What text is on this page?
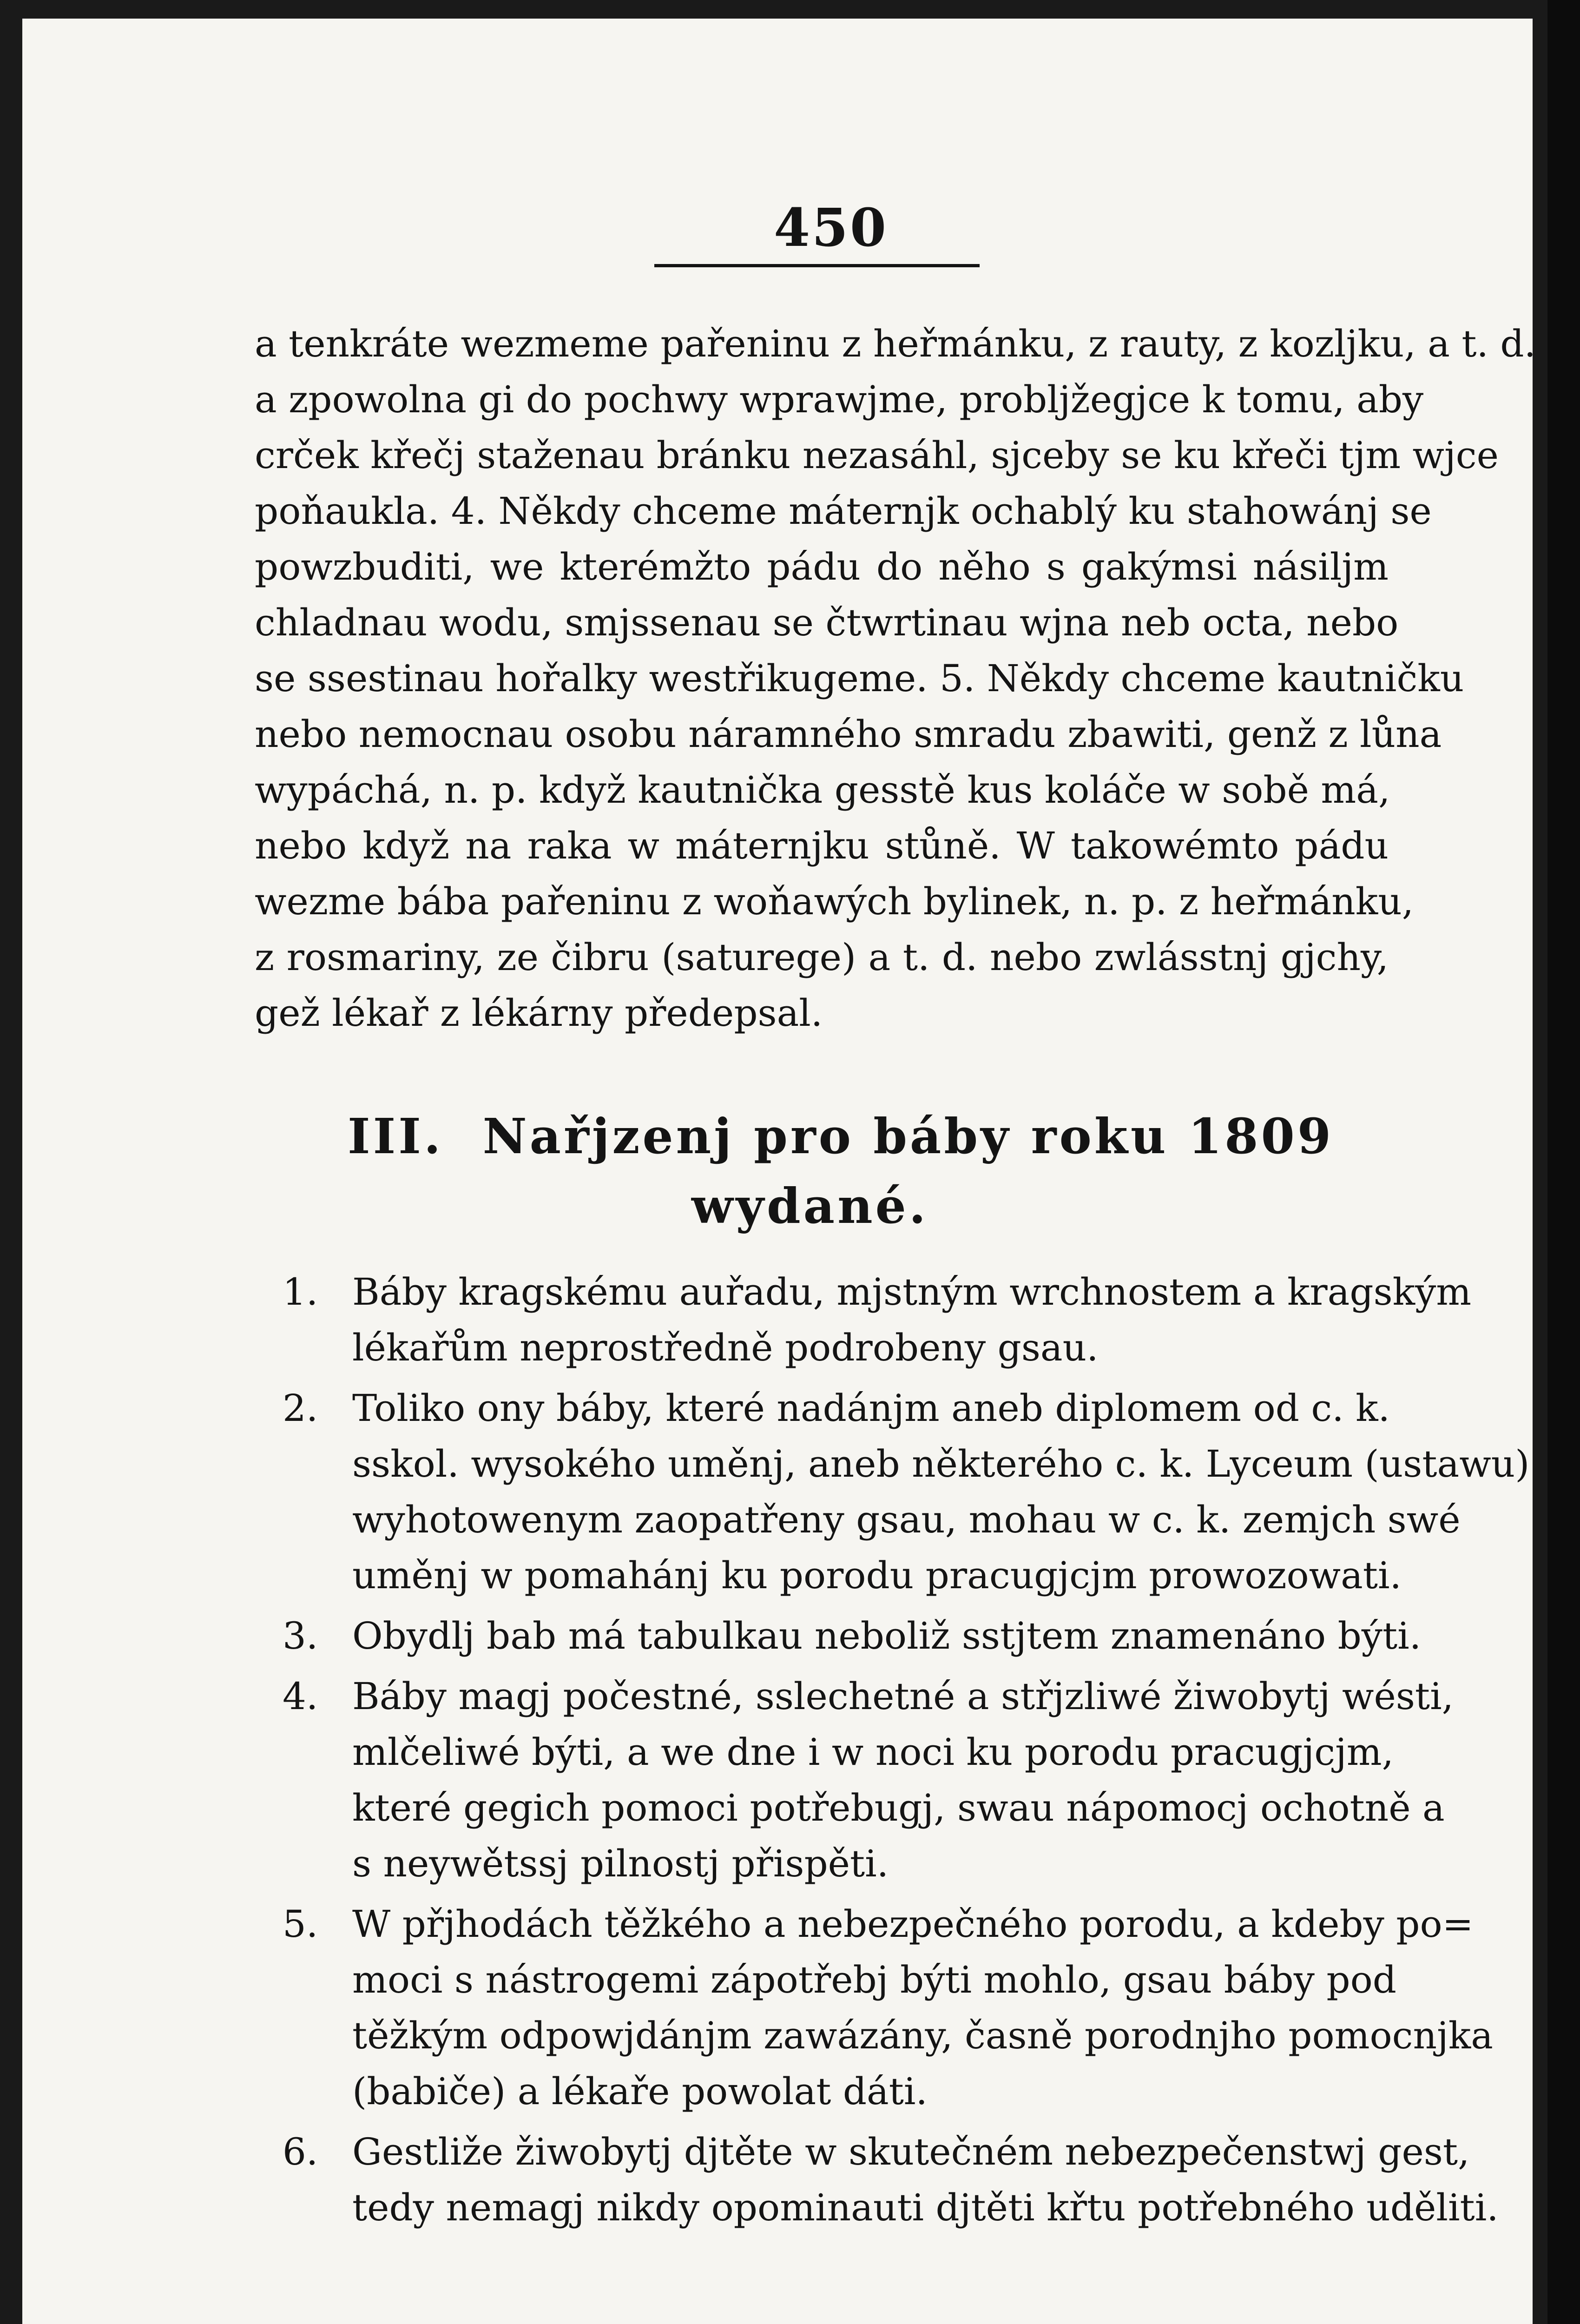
450
a tenkráte wezmeme pařeninu z heřmánku, z rauty, z kozljku, a t. d.
a zpowolna gi do pochwy wprawjme, probljžegjce k tomu, aby
crček křečj staženau bránku nezasáhl, sjceby se ku křeči tjm wjce
poňaukla. 4. Někdy chceme máternjk ochablý ku stahowánj se
powzbuditi, we kterémžto pádu do něho s gakýmsi násiljm
chladnau wodu, smjssenau se čtwrtinau wjna neb octa, nebo
se ssestinau hořalky westřikugeme. 5. Někdy chceme kautničku
nebo nemocnau osobu náramného smradu zbawiti, genž z lůna
wypáchá, n. p. když kautnička gesstě kus koláče w sobě má,
nebo když na raka w máternjku stůně. W takowémto pádu
wezme bába pařeninu z woňawých bylinek, n. p. z heřmánku,
z rosmariny, ze čibru (saturege) a t. d. nebo zwlásstnj gjchy,
gež lékař z lékárny předepsal.
III. Nařjzenj pro báby roku 1809
wydané.
1. Báby kragskému auřadu, mjstným wrchnostem a kragským
lékařům neprostředně podrobeny gsau.
2. Toliko ony báby, které nadánjm aneb diplomem od c. k.
sskol. wysokého uměnj, aneb některého c. k. Lyceum (ustawu)
wyhotowenym zaopatřeny gsau, mohau w c. k. zemjch swé
uměnj w pomahánj ku porodu pracugjcjm prowozowati.
3. Obydlj bab má tabulkau neboliž sstjtem znamenáno býti.
4. Báby magj počestné, sslechetné a střjzliwé žiwobytj wésti,
mlčeliwé býti, a we dne i w noci ku porodu pracugjcjm,
které gegich pomoci potřebugj, swau nápomocj ochotně a
s neywětssj pilnostj přispěti.
5. W přjhodách těžkého a nebezpečného porodu, a kdeby po=
moci s nástrogemi zápotřebj býti mohlo, gsau báby pod
těžkým odpowjdánjm zawázány, časně porodnjho pomocnjka
(babiče) a lékaře powolat dáti.
6. Gestliže žiwobytj djtěte w skutečném nebezpečenstwj gest,
tedy nemagj nikdy opominauti djtěti křtu potřebného uděliti.
